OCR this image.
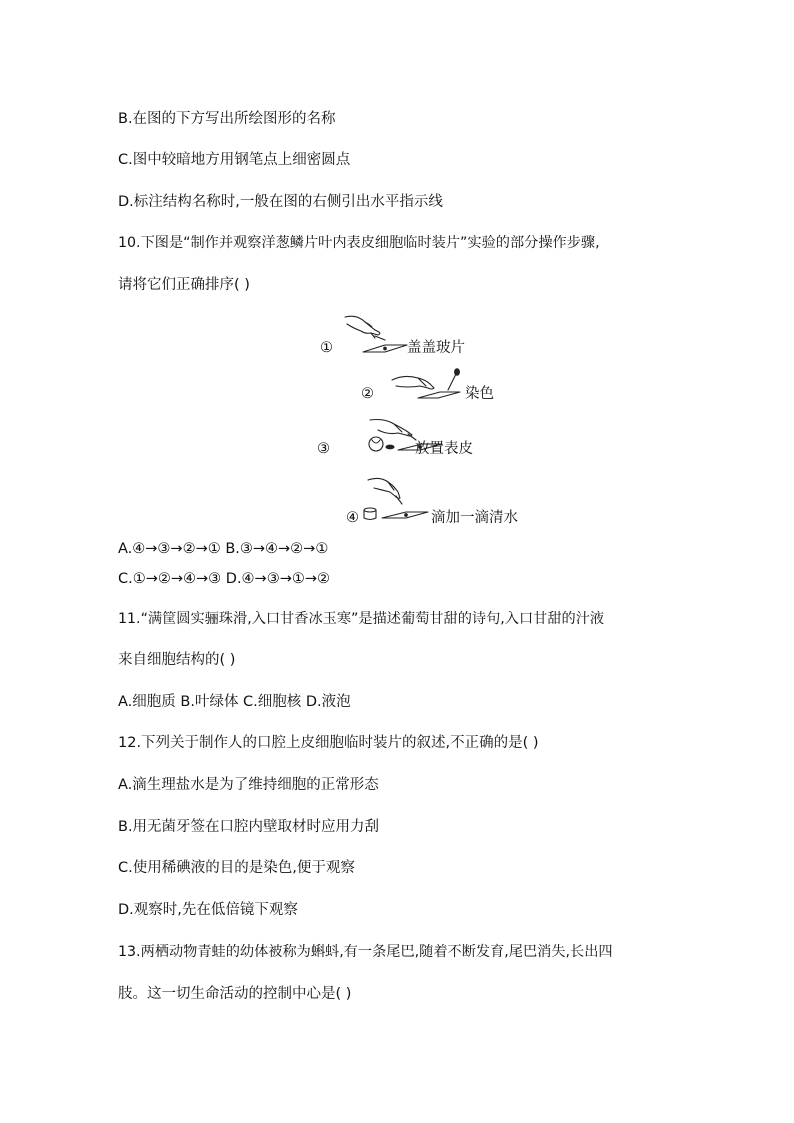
B.在图的下方写出所绘图形的名称
C.图中较暗地方用钢笔点上细密圆点
D.标注结构名称时,一般在图的右侧引出水平指示线
10.下图是“制作并观察洋葱鳞片叶内表皮细胞临时装片”实验的部分操作步骤,
请将它们正确排序( )
①	盖盖玻片
②	染色
③	放置表皮
④	滴加一滴清水
A.④→③→②→① B.③→④→②→①
C.①→②→④→③ D.④→③→①→②
11.“满筐圆实骊珠滑,入口甘香冰玉寒”是描述葡萄甘甜的诗句,入口甘甜的汁液
来自细胞结构的( )
A.细胞质 B.叶绿体 C.细胞核 D.液泡
12.下列关于制作人的口腔上皮细胞临时装片的叙述,不正确的是( )
A.滴生理盐水是为了维持细胞的正常形态
B.用无菌牙签在口腔内壁取材时应用力刮
C.使用稀碘液的目的是染色,便于观察
D.观察时,先在低倍镜下观察
13.两栖动物青蛙的幼体被称为蝌蚪,有一条尾巴,随着不断发育,尾巴消失,长出四
肢。这一切生命活动的控制中心是( )
